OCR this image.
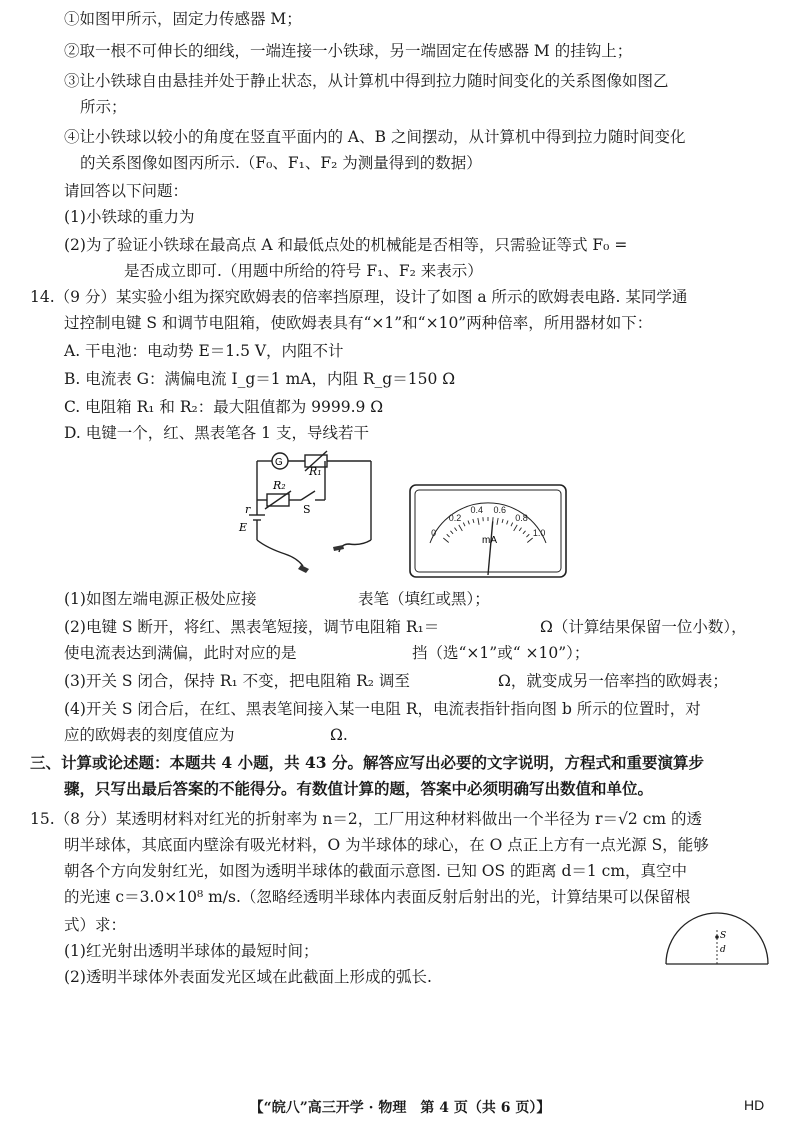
①如图甲所示，固定力传感器 M；
②取一根不可伸长的细线，一端连接一小铁球，另一端固定在传感器 M 的挂钩上；
③让小铁球自由悬挂并处于静止状态，从计算机中得到拉力随时间变化的关系图像如图乙
所示；
④让小铁球以较小的角度在竖直平面内的 A、B 之间摆动，从计算机中得到拉力随时间变化
的关系图像如图丙所示.（F₀、F₁、F₂ 为测量得到的数据）
请回答以下问题：
(1)小铁球的重力为
(2)为了验证小铁球在最高点 A 和最低点处的机械能是否相等，只需验证等式 F₀ =
是否成立即可.（用题中所给的符号 F₁、F₂ 来表示）
14.（9 分）某实验小组为探究欧姆表的倍率挡原理，设计了如图 a 所示的欧姆表电路. 某同学通
过控制电键 S 和调节电阻箱，使欧姆表具有“×1”和“×10”两种倍率，所用器材如下：
A. 干电池：电动势 E＝1.5 V，内阻不计
B. 电流表 G：满偏电流 I_g＝1 mA，内阻 R_g＝150 Ω
C. 电阻箱 R₁ 和 R₂：最大阻值都为 9999.9 Ω
D. 电键一个，红、黑表笔各 1 支，导线若干
G
R₁
R₂
S
r
E	0
0.2
0.4 0.6
0.8
1.0
mA
(1)如图左端电源正极处应接	表笔（填红或黑）；
(2)电键 S 断开，将红、黑表笔短接，调节电阻箱 R₁＝	Ω（计算结果保留一位小数），
使电流表达到满偏，此时对应的是	挡（选“×1”或“ ×10”）；
(3)开关 S 闭合，保持 R₁ 不变，把电阻箱 R₂ 调至	Ω，就变成另一倍率挡的欧姆表；
(4)开关 S 闭合后，在红、黑表笔间接入某一电阻 R，电流表指针指向图 b 所示的位置时，对
应的欧姆表的刻度值应为	Ω.
三、计算或论述题：本题共 4 小题，共 43 分。解答应写出必要的文字说明，方程式和重要演算步
骤，只写出最后答案的不能得分。有数值计算的题，答案中必须明确写出数值和单位。
15.（8 分）某透明材料对红光的折射率为 n＝2，工厂用这种材料做出一个半径为 r＝√2 cm 的透
明半球体，其底面内壁涂有吸光材料，O 为半球体的球心，在 O 点正上方有一点光源 S，能够
朝各个方向发射红光，如图为透明半球体的截面示意图. 已知 OS 的距离 d＝1 cm，真空中
的光速 c＝3.0×10⁸ m/s.（忽略经透明半球体内表面反射后射出的光，计算结果可以保留根
式）求：
(1)红光射出透明半球体的最短时间；
(2)透明半球体外表面发光区域在此截面上形成的弧长.
S
d
【“皖八”高三开学 · 物理　第 4 页（共 6 页）】	HD
